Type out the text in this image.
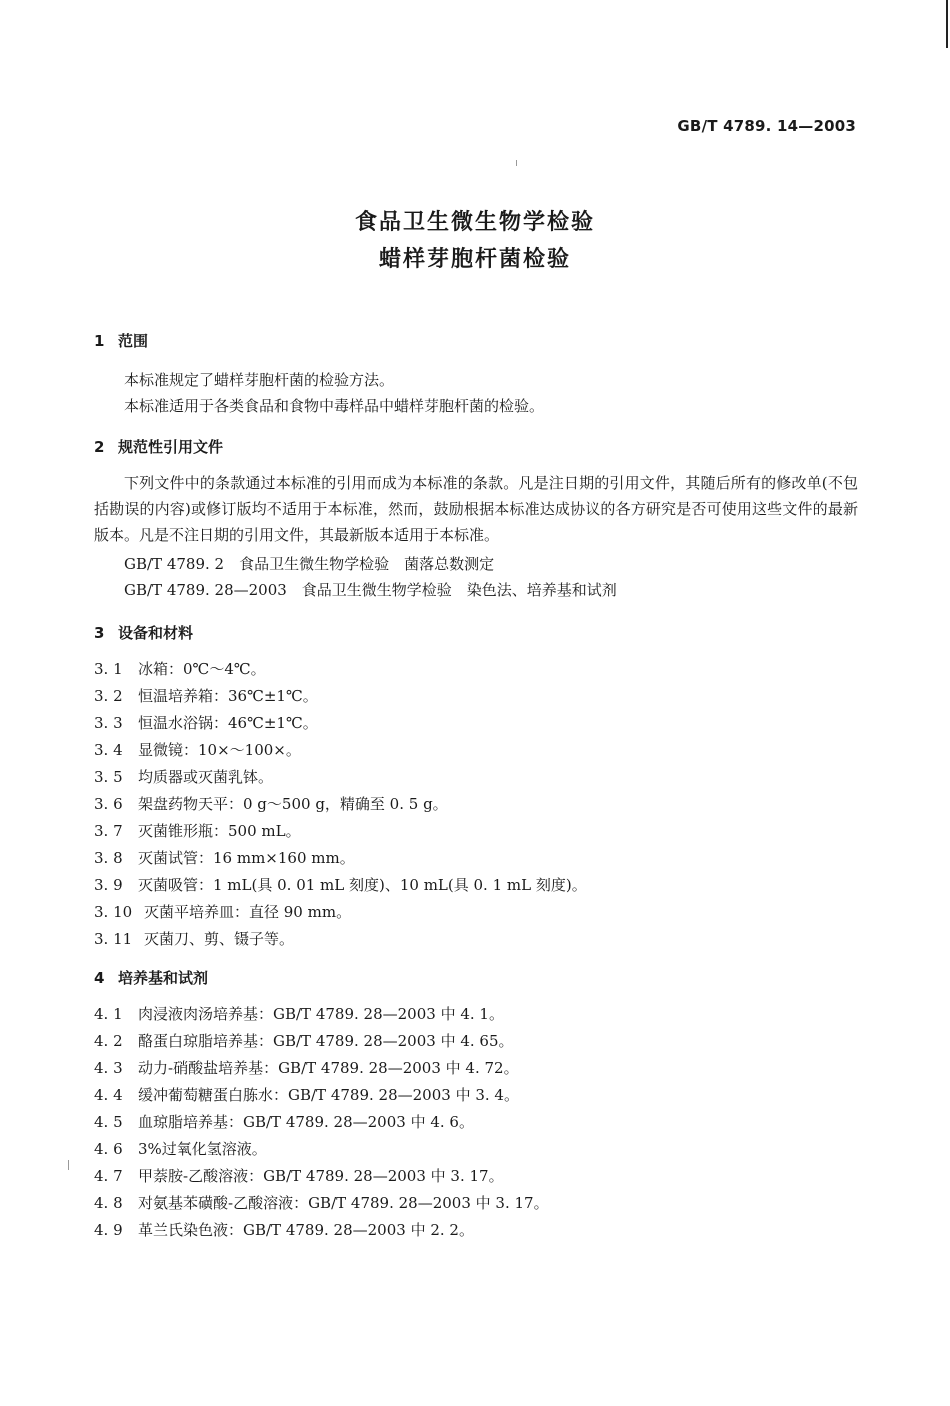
GB/T 4789. 14—2003
食品卫生微生物学检验
蜡样芽胞杆菌检验
1 范围
本标准规定了蜡样芽胞杆菌的检验方法。
本标准适用于各类食品和食物中毒样品中蜡样芽胞杆菌的检验。
2 规范性引用文件
下列文件中的条款通过本标准的引用而成为本标准的条款。凡是注日期的引用文件，其随后所有的修改单(不包括勘误的内容)或修订版均不适用于本标准，然而，鼓励根据本标准达成协议的各方研究是否可使用这些文件的最新版本。凡是不注日期的引用文件，其最新版本适用于本标准。
GB/T 4789. 2　食品卫生微生物学检验　菌落总数测定
GB/T 4789. 28—2003　食品卫生微生物学检验　染色法、培养基和试剂
3 设备和材料
3. 1 冰箱：0℃～4℃。
3. 2 恒温培养箱：36℃±1℃。
3. 3 恒温水浴锅：46℃±1℃。
3. 4 显微镜：10×～100×。
3. 5 均质器或灭菌乳钵。
3. 6 架盘药物天平：0 g～500 g，精确至 0. 5 g。
3. 7 灭菌锥形瓶：500 mL。
3. 8 灭菌试管：16 mm×160 mm。
3. 9 灭菌吸管：1 mL(具 0. 01 mL 刻度)、10 mL(具 0. 1 mL 刻度)。
3. 10 灭菌平培养皿：直径 90 mm。
3. 11 灭菌刀、剪、镊子等。
4 培养基和试剂
4. 1 肉浸液肉汤培养基：GB/T 4789. 28—2003 中 4. 1。
4. 2 酪蛋白琼脂培养基：GB/T 4789. 28—2003 中 4. 65。
4. 3 动力-硝酸盐培养基：GB/T 4789. 28—2003 中 4. 72。
4. 4 缓冲葡萄糖蛋白胨水：GB/T 4789. 28—2003 中 3. 4。
4. 5 血琼脂培养基：GB/T 4789. 28—2003 中 4. 6。
4. 6 3%过氧化氢溶液。
4. 7 甲萘胺-乙酸溶液：GB/T 4789. 28—2003 中 3. 17。
4. 8 对氨基苯磺酸-乙酸溶液：GB/T 4789. 28—2003 中 3. 17。
4. 9 革兰氏染色液：GB/T 4789. 28—2003 中 2. 2。
